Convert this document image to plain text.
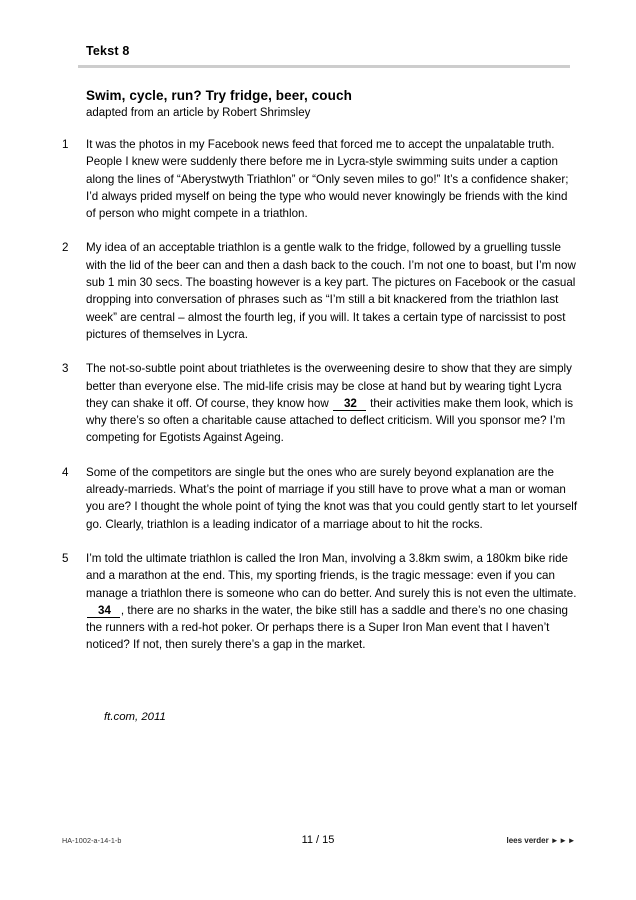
Tekst 8
Swim, cycle, run? Try fridge, beer, couch
adapted from an article by Robert Shrimsley
1	It was the photos in my Facebook news feed that forced me to accept the unpalatable truth. People I knew were suddenly there before me in Lycra-style swimming suits under a caption along the lines of “Aberystwyth Triathlon” or “Only seven miles to go!” It’s a confidence shaker; I’d always prided myself on being the type who would never knowingly be friends with the kind of person who might compete in a triathlon.
2	My idea of an acceptable triathlon is a gentle walk to the fridge, followed by a gruelling tussle with the lid of the beer can and then a dash back to the couch. I’m not one to boast, but I’m now sub 1 min 30 secs. The boasting however is a key part. The pictures on Facebook or the casual dropping into conversation of phrases such as “I’m still a bit knackered from the triathlon last week” are central – almost the fourth leg, if you will. It takes a certain type of narcissist to post pictures of themselves in Lycra.
3	The not-so-subtle point about triathletes is the overweening desire to show that they are simply better than everyone else. The mid-life crisis may be close at hand but by wearing tight Lycra they can shake it off. Of course, they know how 32 their activities make them look, which is why there’s so often a charitable cause attached to deflect criticism. Will you sponsor me? I’m competing for Egotists Against Ageing.
4	Some of the competitors are single but the ones who are surely beyond explanation are the already-marrieds. What’s the point of marriage if you still have to prove what a man or woman you are? I thought the whole point of tying the knot was that you could gently start to let yourself go. Clearly, triathlon is a leading indicator of a marriage about to hit the rocks.
5	I’m told the ultimate triathlon is called the Iron Man, involving a 3.8km swim, a 180km bike ride and a marathon at the end. This, my sporting friends, is the tragic message: even if you can manage a triathlon there is someone who can do better. And surely this is not even the ultimate. 34 , there are no sharks in the water, the bike still has a saddle and there’s no one chasing the runners with a red-hot poker. Or perhaps there is a Super Iron Man event that I haven’t noticed? If not, then surely there’s a gap in the market.
ft.com, 2011
HA-1002-a-14-1-b	11 / 15	lees verder ►►►
